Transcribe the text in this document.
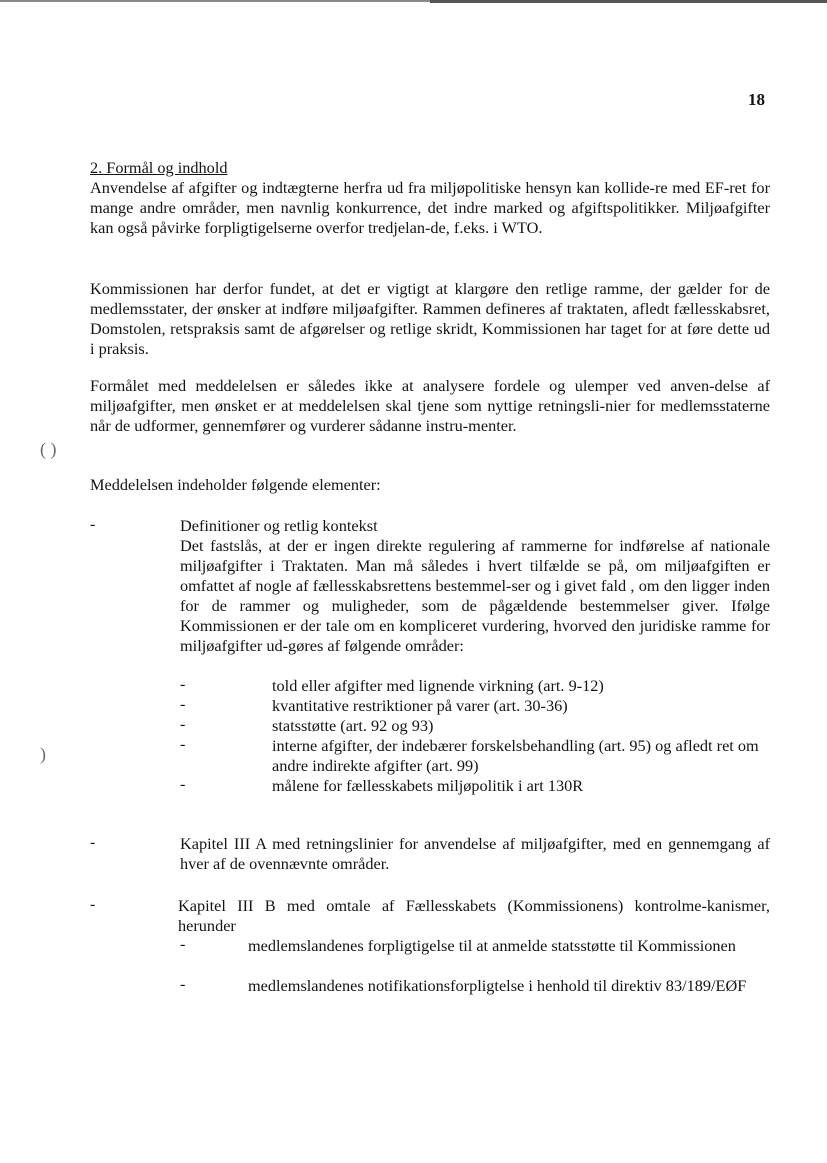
( )
)
18

2. Formål og indhold

Anvendelse af afgifter og indtægterne herfra ud fra miljøpolitiske hensyn kan kollide-re med EF-ret for mange andre områder, men navnlig konkurrence, det indre marked og afgiftspolitikker. Miljøafgifter kan også påvirke forpligtigelserne overfor tredjelan-de, f.eks. i WTO.

Kommissionen har derfor fundet, at det er vigtigt at klargøre den retlige ramme, der gælder for de medlemsstater, der ønsker at indføre miljøafgifter. Rammen defineres af traktaten, afledt fællesskabsret, Domstolen, retspraksis samt de afgørelser og retlige skridt, Kommissionen har taget for at føre dette ud i praksis.

Formålet med meddelelsen er således ikke at analysere fordele og ulemper ved anven-delse af miljøafgifter, men ønsket er at meddelelsen skal tjene som nyttige retningsli-nier for medlemsstaterne når de udformer, gennemfører og vurderer sådanne instru-menter.

Meddelelsen indeholder følgende elementer:

-	Definitioner og retlig kontekst

Det fastslås, at der er ingen direkte regulering af rammerne for indførelse af nationale miljøafgifter i Traktaten. Man må således i hvert tilfælde se på, om miljøafgiften er omfattet af nogle af fællesskabsrettens bestemmel-ser og i givet fald , om den ligger inden for de rammer og muligheder, som de pågældende bestemmelser giver. Ifølge Kommissionen er der tale om en kompliceret vurdering, hvorved den juridiske ramme for miljøafgifter ud-gøres af følgende områder:

-	told eller afgifter med lignende virkning (art. 9-12)

-	kvantitative restriktioner på varer (art. 30-36)

-	statsstøtte (art. 92 og 93)

-	interne afgifter, der indebærer forskelsbehandling (art. 95) og afledt ret om andre indirekte afgifter (art. 99)

-	målene for fællesskabets miljøpolitik i art 130R

-	Kapitel III A med retningslinier for anvendelse af miljøafgifter, med en gennemgang af hver af de ovennævnte områder.

-	Kapitel III B med omtale af Fællesskabets (Kommissionens) kontrolme-kanismer, herunder

-	medlemslandenes forpligtigelse til at anmelde statsstøtte til Kommissionen

-	medlemslandenes notifikationsforpligtelse i henhold til direktiv 83/189/EØF
